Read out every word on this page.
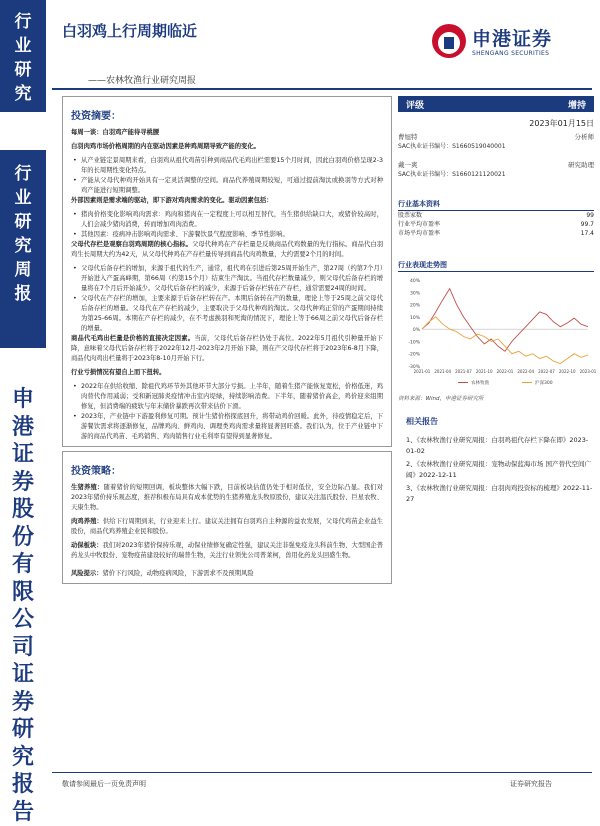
行业研究
行业研究周报
申港证券股份有限公司证券研究报告
白羽鸡上行周期临近
——农林牧渔行业研究周报
申港证券
SHENGANG SECURITIES
投资摘要：
每周一谈：白羽鸡产能待寻桃腰
白羽肉鸡市场价格周期的内在驱动因素是种鸡周期导致产能的变化。
• 从产业链定景周期来看，白羽鸡从祖代鸡苗引种到商品代毛鸡出栏需要15个月时间，因此白羽鸡价格呈现2-3年的长周期性变化特点。
• 产能从父母代种鸡开始具有一定灵活调整的空间。商品代养殖周期较短，可通过提前淘汰或换羽等方式对种鸡产能进行短期调整。
外部因素则是需求端的驱动，即下游对鸡肉需求的变化。驱动因素包括：
• 猪肉价格变化影响鸡肉需求：鸡肉和猪肉在一定程度上可以相互替代，当生猪供给缺口大，或猪价较高时，人们会减少猪肉消费，转而增加鸡肉消费。
• 其他因素：疫病冲击影响鸡肉需求、下游餐饮景气程度影响、季节性影响。
父母代存栏是观察白羽鸡周期的核心指标。父母代种鸡在产存栏量是反映商品代鸡数量的先行指标。商品代白羽鸡生长周期大约为42天，从父母代种鸡在产存栏量传导到商品代肉鸡数量，大约需要2个月的时间。
• 父母代后备存栏的增加，来源于祖代的生产，通常，祖代鸡在引进后第25周开始生产，第27周（约第7个月）开始进入产蛋高峰期，第66周（约第15个月）结束生产淘汰。当祖代存栏数量减少，则父母代后备存栏的增量将在7个月后开始减少。父母代后备存栏的减少，来源于后备存栏转在产存栏，通常需要24周的时间。
• 父母代在产存栏的增加，主要来源于后备存栏转在产。本期后备转在产的数量，理论上等于25周之前父母代后备存栏的增量。父母代在产存栏的减少，主要取决于父母代种鸡的淘汰。父母代种鸡正常的产蛋期间持续为第25-66周。本期在产存栏的减少，在不考虑换羽和死淘的情况下，理论上等于66周之前父母代后备存栏的增量。
商品代毛鸡出栏量是价格的直接决定因素。当前，父母代后备存栏仍处于高位。2022年5月祖代引种量开始下降，意味着父母代后备存栏将于2022年12月-2023年2月开始下降，则在产父母代存栏将于2023年6-8月下降，商品代肉鸡出栏量将于2023年8-10月开始下行。
行业亏损情况有望自上而下扭转。
• 2022年在供给收缩、除祖代鸡环节外其他环节大部分亏损。上半年，随着生猪产能恢复宽松，价格低迷，鸡肉替代作用减弱；受和新冠肺炎疫情冲击室内堤绿，持续影响消费。下半年，随着猪价高企，鸡价迎来组期修复，但消费端的疲软与年末储价暴跌再次带来估价下滑。
• 2023年，产业链中下游盈利修复可期。预计生猪价格探底回升，将带动鸡价回暖。此外，待疫情稳定后，下游餐饮需求将逐渐修复，品牌鸡肉、鲜鸡肉、调理类鸡肉需求量将显著回旺盛。我们认为，位于产业链中下游的商品代鸡苗、毛鸡销售、鸡肉销售行业毛利率有望得到显著修复。
投资策略：
生猪养殖：随着猪价的短期回调，板块整体大幅下跌，目前板块估值仍处于相对低位，安全边际凸显。我们对2023年猪价持乐观态度，推荐积极布局具有成本优势的生猪养殖龙头牧原股份，建议关注温氏股份、巨星农牧、天康生物。
肉鸡养殖：供给下行周期到来，行业迎来上行。建议关注拥有白羽鸡自主种源的益农发展，父母代鸡苗企业益生股份，商品代鸡养殖企业民和股份。
动保板块：我们对2023年猪价保持乐观，动保业绩修复确定性强，建议关注非强免疫龙头科前生物、大型国企普药龙头中牧股份、宠物疫苗建设较好的瑞普生物，关注行业领先公司普莱柯，兽用化药龙头回盛生物。
风险提示：猪价下行风险，动物疫病风险，下游需求不及预期风险
评级	增持
2023年01月15日
曹旭特	分析师
SAC执业证书编号：S1660519040001
戴一爽	研究助理
SAC执业证书编号：S1660121120021
行业基本资料
股票家数	99
行业平均市盈率	99.7
市场平均市盈率	17.4
行业表现走势图
40%
30%
20%
10%
0%
-10%
-20%
-30%
2021-01 2021-04 2021-07 2021-10 2022-01 2022-04 2022-07 2022-10 2023-01
农林牧渔	沪深300
资料来源：Wind，申港证券研究所
相关报告
1、《农林牧渔行业研究周报：白羽鸡祖代存栏下降在即》2023-01-02
2、《农林牧渔行业研究周报：宠物动保蓝海市场 国产替代空间广阔》2022-12-11
3、《农林牧渔行业研究周报：白羽肉鸡投资标的梳理》2022-11-27
敬请参阅最后一页免责声明	证券研究报告
